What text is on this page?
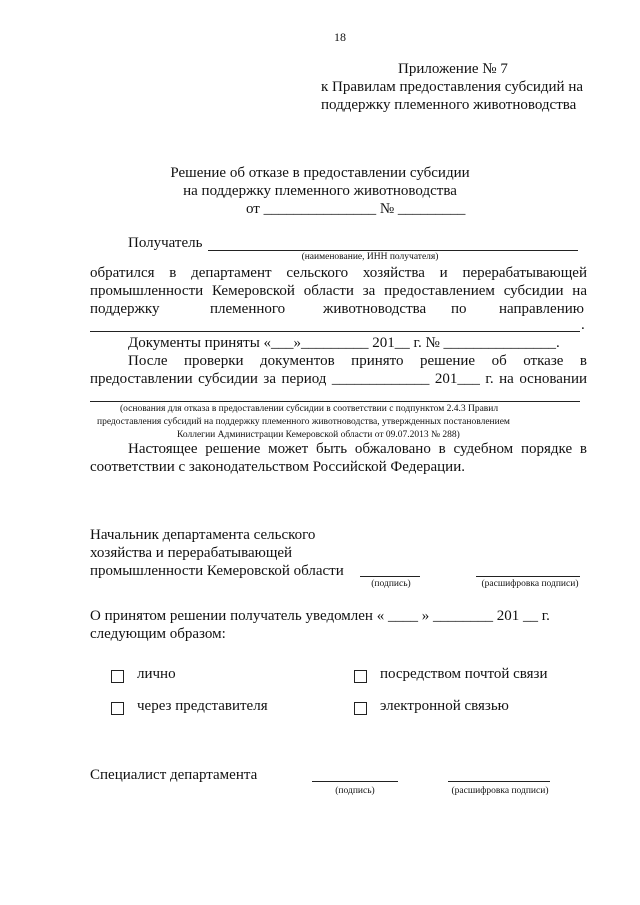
18
Приложение № 7
к Правилам предоставления субсидий на
поддержку племенного животноводства
Решение об отказе в предоставлении субсидии
на поддержку племенного животноводства
от _______________ № _________
Получатель
(наименование, ИНН получателя)
обратился в департамент сельского хозяйства и перерабатывающей
промышленности Кемеровской области за предоставлением субсидии на
поддержку	племенного	животноводства по направлению
.
Документы приняты «___»_________ 201__ г. № _______________.
После проверки документов принято решение об отказе в
предоставлении субсидии за период _____________ 201___ г. на основании
(основания для отказа в предоставлении субсидии в соответствии с подпунктом 2.4.3 Правил
предоставления субсидий на поддержку племенного животноводства, утвержденных постановлением
Коллегии Администрации Кемеровской области от 09.07.2013 № 288)
Настоящее решение может быть обжаловано в судебном порядке в
соответствии с законодательством Российской Федерации.
Начальник департамента сельского
хозяйства и перерабатывающей
промышленности Кемеровской области
(подпись)	(расшифровка подписи)
О принятом решении получатель уведомлен « ____ » ________ 201 __ г.
следующим образом:
лично	посредством почтой связи
через представителя	электронной связью
Специалист департамента
(подпись)	(расшифровка подписи)
